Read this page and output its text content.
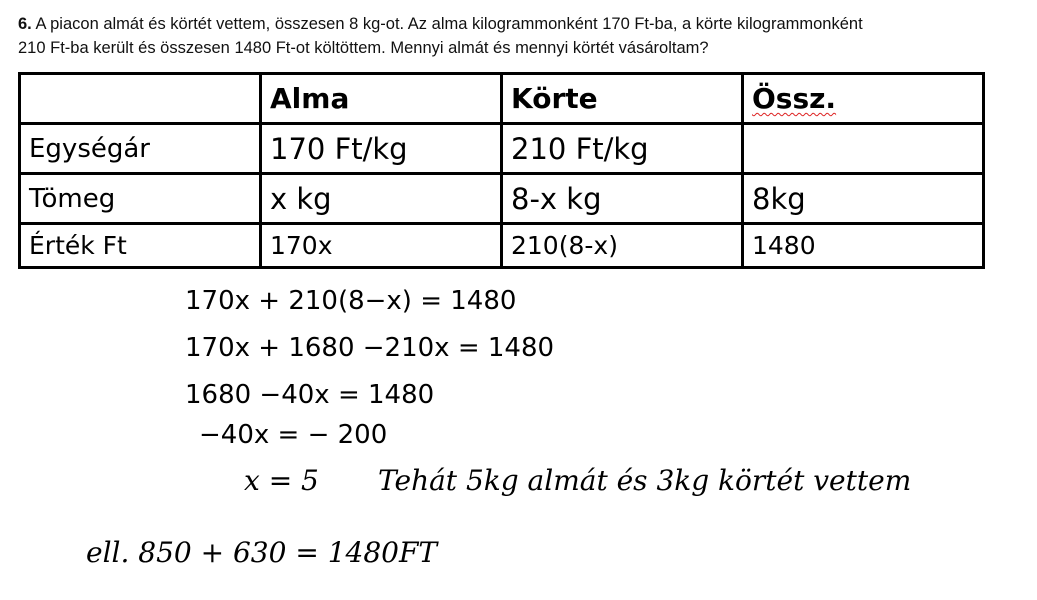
6. A piacon almát és körtét vettem, összesen 8 kg-ot. Az alma kilogrammonként 170 Ft-ba, a körte kilogrammonként
210 Ft-ba került és összesen 1480 Ft-ot költöttem. Mennyi almát és mennyi körtét vásároltam?
	Alma	Körte	Össz.
Egységár	170 Ft/kg	210 Ft/kg	
Tömeg	x kg	8-x kg	8kg
Érték Ft	170x	210(8-x)	1480
170x + 210(8−x) = 1480
170x + 1680 −210x = 1480
1680 −40x = 1480
−40x = − 200
x = 5 Tehát 5kg almát és 3kg körtét vettem
ell. 850 + 630 = 1480FT
